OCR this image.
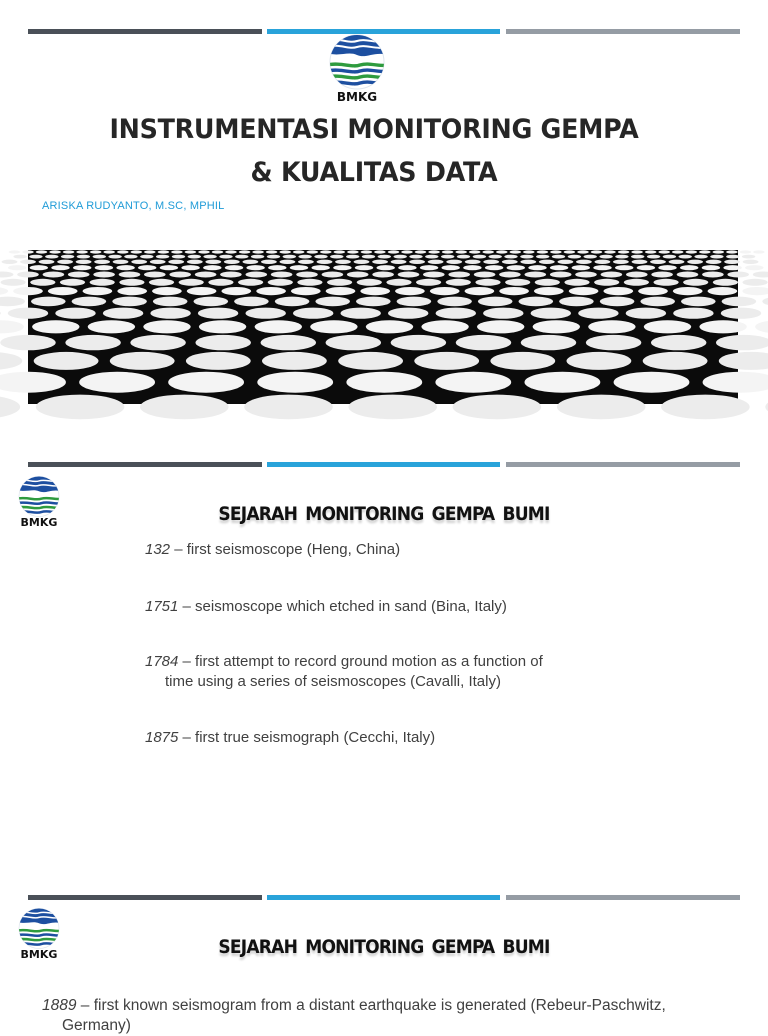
BMKG
INSTRUMENTASI MONITORING GEMPA
& KUALITAS DATA
ARISKA RUDYANTO, M.SC, MPHIL
BMKG	SEJARAH MONITORING GEMPA BUMI
132 – first seismoscope (Heng, China)
1751 – seismoscope which etched in sand (Bina, Italy)
1784 – first attempt to record ground motion as a function of
time using a series of seismoscopes (Cavalli, Italy)
1875 – first true seismograph (Cecchi, Italy)
BMKG	SEJARAH MONITORING GEMPA BUMI
1889 – first known seismogram from a distant earthquake is generated (Rebeur-Paschwitz,
Germany)
